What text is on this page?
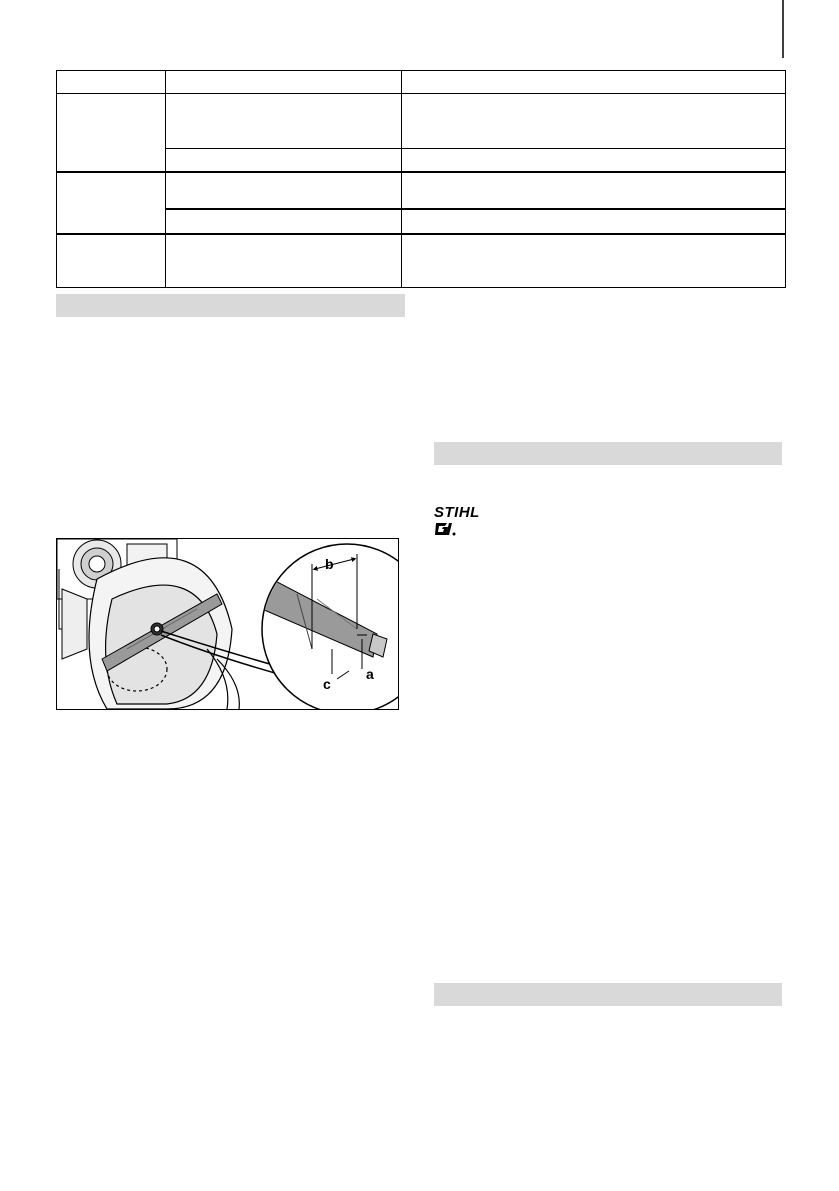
b
a
c
STIHL
